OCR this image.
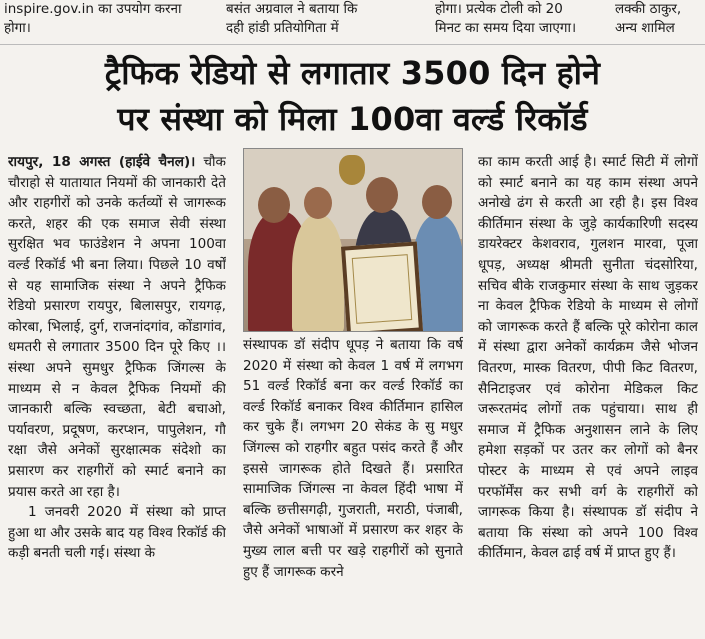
inspire.gov.in का उपयोग करना
होगा।
बसंत अग्रवाल ने बताया कि
दही हांडी प्रतियोगिता में
होगा। प्रत्येक टोली को 20
मिनट का समय दिया जाएगा।
लक्की ठाकुर,
अन्य शामिल
ट्रैफिक रेडियो से लगातार 3500 दिन होने
पर संस्था को मिला 100वा वर्ल्ड रिकॉर्ड

रायपुर, 18 अगस्त (हाईवे चैनल)। चौक चौराहो से यातायात नियमों की जानकारी देते और राहगीरों को उनके कर्तव्यों से जागरूक करते, शहर की एक समाज सेवी संस्था सुरक्षित भव फाउंडेशन ने अपना 100वा वर्ल्ड रिकॉर्ड भी बना लिया। पिछले 10 वर्षों से यह सामाजिक संस्था ने अपने ट्रैफिक रेडियो प्रसारण रायपुर, बिलासपुर, रायगढ़, कोरबा, भिलाई, दुर्ग, राजनांदगांव, कोंडागांव, धमतरी से लगातार 3500 दिन पूरे किए ।। संस्था अपने सुमधुर ट्रैफिक जिंगल्स के माध्यम से न केवल ट्रैफिक नियमों की जानकारी बल्कि स्वच्छता, बेटी बचाओ, पर्यावरण, प्रदूषण, करप्शन, पापुलेशन, गौ रक्षा जैसे अनेकों सुरक्षात्मक संदेशो का प्रसारण कर राहगीरों को स्मार्ट बनाने का प्रयास करते आ रहा है।

1 जनवरी 2020 में संस्था को प्राप्त हुआ था और उसके बाद यह विश्व रिकॉर्ड की कड़ी बनती चली गई। संस्था के

संस्थापक डॉ संदीप धूपड़ ने बताया कि वर्ष 2020 में संस्था को केवल 1 वर्ष में लगभग 51 वर्ल्ड रिकॉर्ड बना कर वर्ल्ड रिकॉर्ड का वर्ल्ड रिकॉर्ड बनाकर विश्व कीर्तिमान हासिल कर चुके हैं। लगभग 20 सेकंड के सु मधुर जिंगल्स को राहगीर बहुत पसंद करते हैं और इससे जागरूक होते दिखते हैं। प्रसारित सामाजिक जिंगल्स ना केवल हिंदी भाषा में बल्कि छत्तीसगढ़ी, गुजराती, मराठी, पंजाबी, जैसे अनेकों भाषाओं में प्रसारण कर शहर के मुख्य लाल बत्ती पर खड़े राहगीरों को सुनाते हुए हैं जागरूक करने

का काम करती आई है। स्मार्ट सिटी में लोगों को स्मार्ट बनाने का यह काम संस्था अपने अनोखे ढंग से करती आ रही है। इस विश्व कीर्तिमान संस्था के जुड़े कार्यकारिणी सदस्य डायरेक्टर केशवराव, गुलशन मारवा, पूजा धूपड़, अध्यक्ष श्रीमती सुनीता चंदसोरिया, सचिव बीके राजकुमार संस्था के साथ जुड़कर ना केवल ट्रैफिक रेडियो के माध्यम से लोगों को जागरूक करते हैं बल्कि पूरे कोरोना काल में संस्था द्वारा अनेकों कार्यक्रम जैसे भोजन वितरण, मास्क वितरण, पीपी किट वितरण, सैनिटाइजर एवं कोरोना मेडिकल किट जरूरतमंद लोगों तक पहुंचाया। साथ ही समाज में ट्रैफिक अनुशासन लाने के लिए हमेशा सड़कों पर उतर कर लोगों को बैनर पोस्टर के माध्यम से एवं अपने लाइव परफॉर्मेंस कर सभी वर्ग के राहगीरों को जागरूक किया है। संस्थापक डॉ संदीप ने बताया कि संस्था को अपने 100 विश्व कीर्तिमान, केवल ढाई वर्ष में प्राप्त हुए हैं।
